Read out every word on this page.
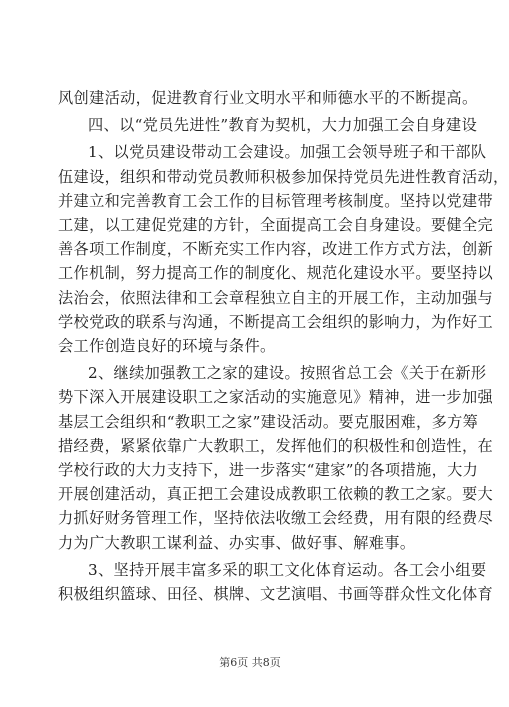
风创建活动，促进教育行业文明水平和师德水平的不断提高。

四、以“党员先进性”教育为契机，大力加强工会自身建设

1、以党员建设带动工会建设。加强工会领导班子和干部队
伍建设，组织和带动党员教师积极参加保持党员先进性教育活动，
并建立和完善教育工会工作的目标管理考核制度。坚持以党建带
工建，以工建促党建的方针，全面提高工会自身建设。要健全完
善各项工作制度，不断充实工作内容，改进工作方式方法，创新
工作机制，努力提高工作的制度化、规范化建设水平。要坚持以
法治会，依照法律和工会章程独立自主的开展工作，主动加强与
学校党政的联系与沟通，不断提高工会组织的影响力，为作好工
会工作创造良好的环境与条件。

2、继续加强教工之家的建设。按照省总工会《关于在新形
势下深入开展建设职工之家活动的实施意见》精神，进一步加强
基层工会组织和“教职工之家”建设活动。要克服困难，多方筹
措经费，紧紧依靠广大教职工，发挥他们的积极性和创造性，在
学校行政的大力支持下，进一步落实“建家”的各项措施，大力
开展创建活动，真正把工会建设成教职工依赖的教工之家。要大
力抓好财务管理工作，坚持依法收缴工会经费，用有限的经费尽
力为广大教职工谋利益、办实事、做好事、解难事。

3、坚持开展丰富多采的职工文化体育运动。各工会小组要
积极组织篮球、田径、棋牌、文艺演唱、书画等群众性文化体育

第6页 共8页
